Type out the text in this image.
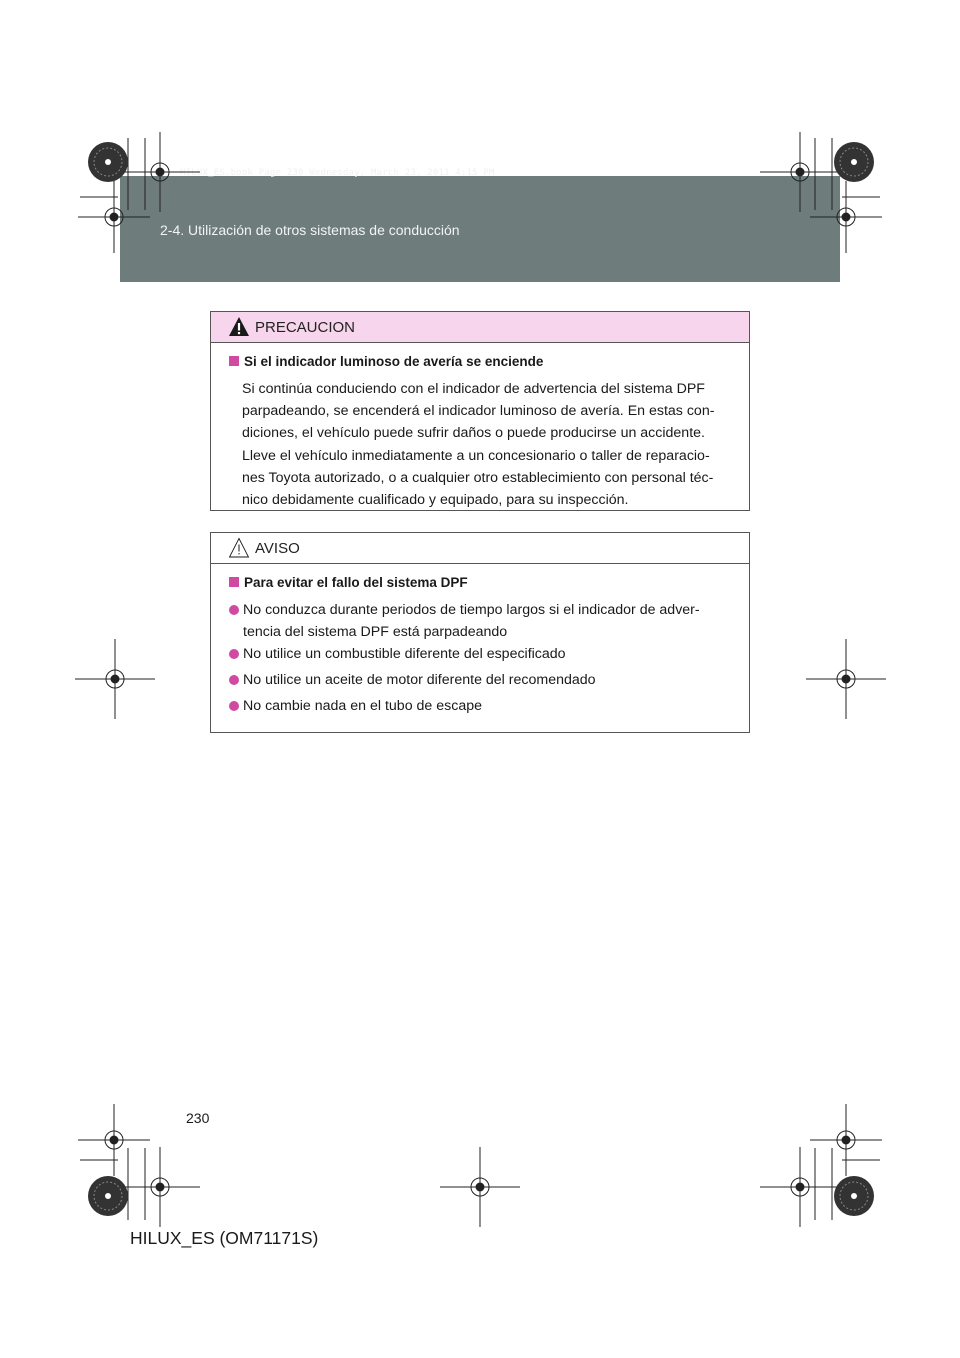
HILUX_ES.book Page 230 Wednesday, March 23, 2011 4:15 PM
2-4. Utilización de otros sistemas de conducción
PRECAUCION
Si el indicador luminoso de avería se enciende
Si continúa conduciendo con el indicador de advertencia del sistema DPF
parpadeando, se encenderá el indicador luminoso de avería. En estas con-
diciones, el vehículo puede sufrir daños o puede producirse un accidente.
Lleve el vehículo inmediatamente a un concesionario o taller de reparacio-
nes Toyota autorizado, o a cualquier otro establecimiento con personal téc-
nico debidamente cualificado y equipado, para su inspección.
AVISO
Para evitar el fallo del sistema DPF
No conduzca durante periodos de tiempo largos si el indicador de adver-
tencia del sistema DPF está parpadeando
No utilice un combustible diferente del especificado
No utilice un aceite de motor diferente del recomendado
No cambie nada en el tubo de escape
230
HILUX_ES (OM71171S)
